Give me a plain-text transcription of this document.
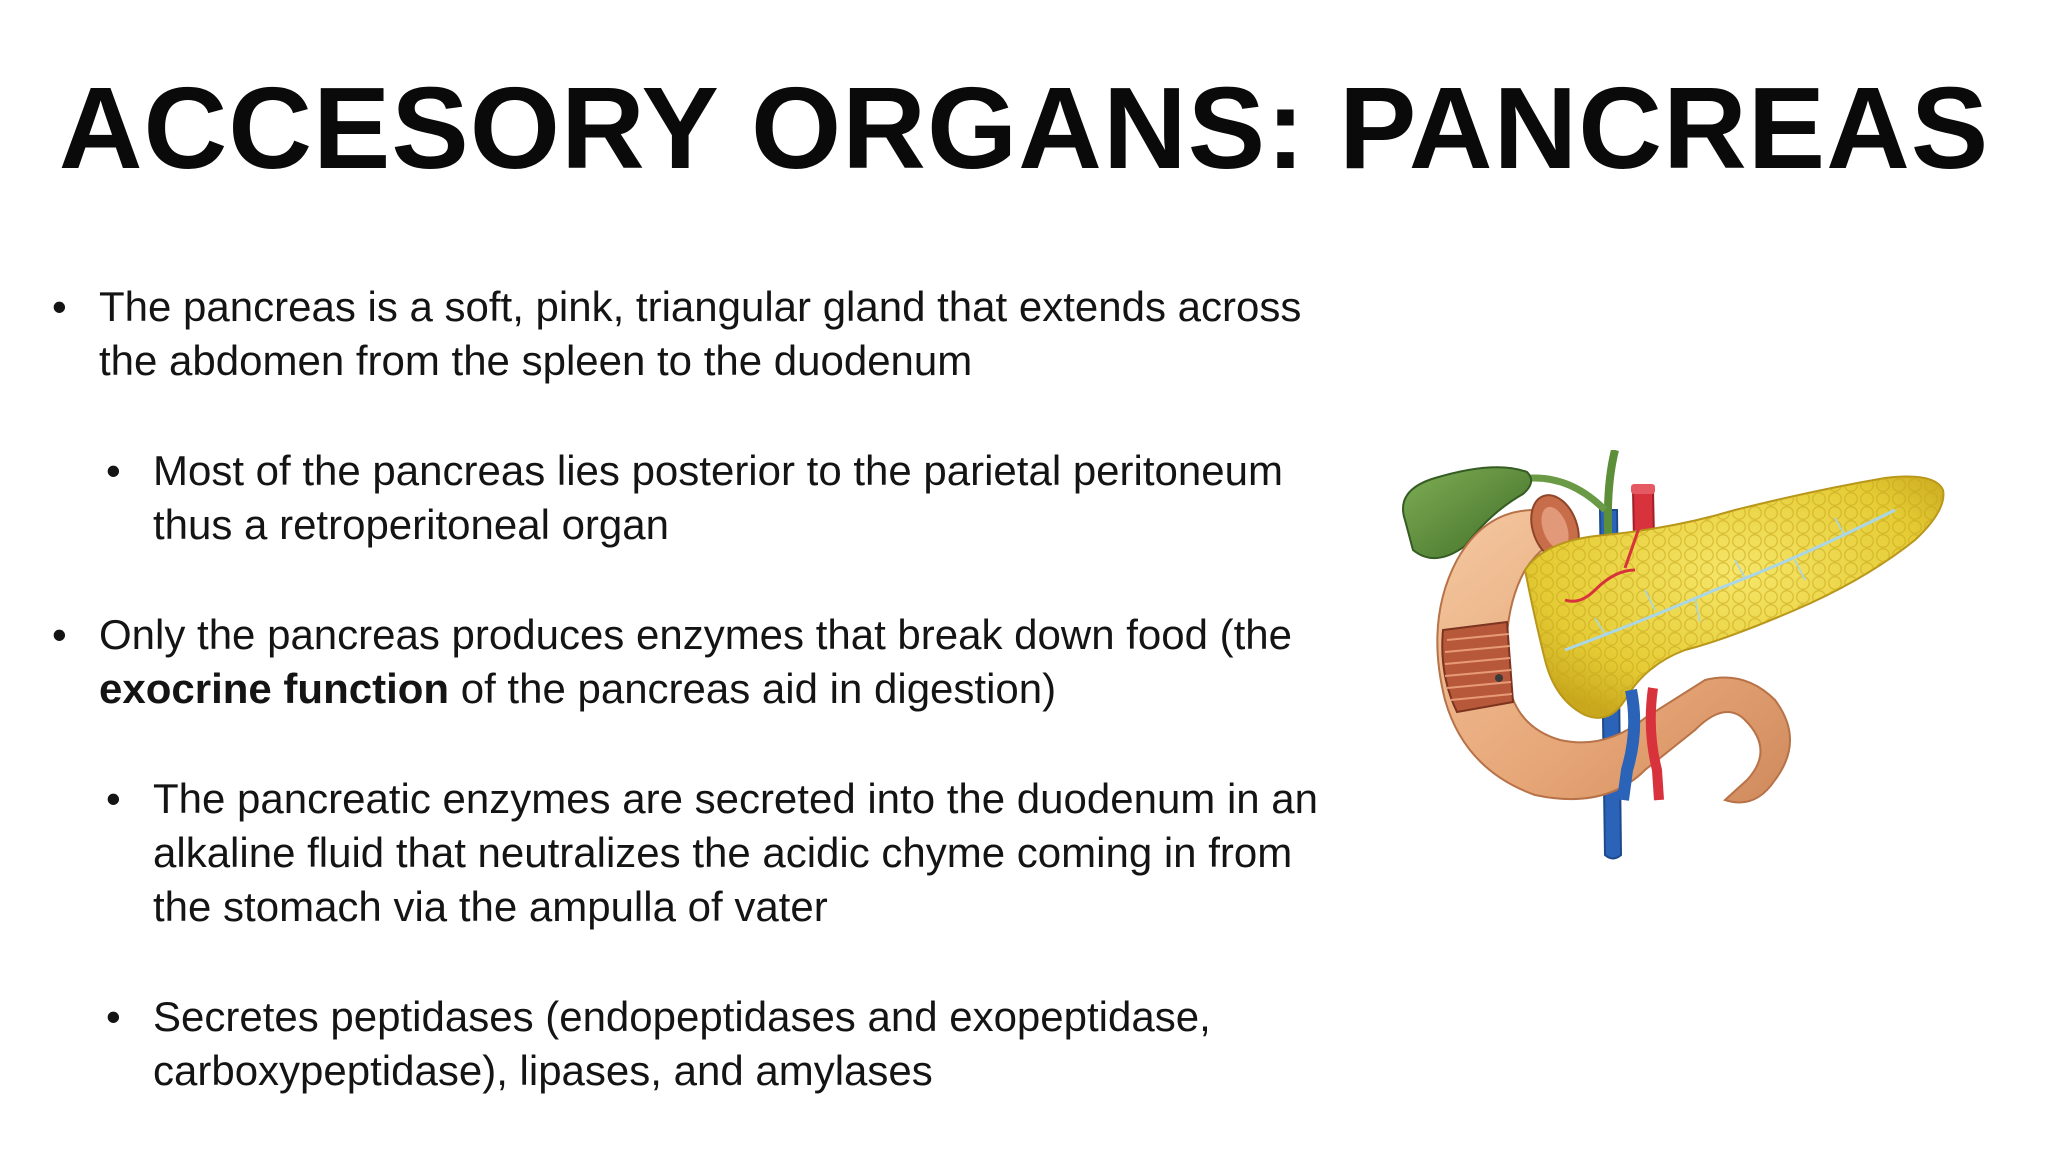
ACCESORY ORGANS: PANCREAS
• The pancreas is a soft, pink, triangular gland that extends across the abdomen from the spleen to the duodenum
• Most of the pancreas lies posterior to the parietal peritoneum thus a retroperitoneal organ
• Only the pancreas produces enzymes that break down food (the exocrine function of the pancreas aid in digestion)
• The pancreatic enzymes are secreted into the duodenum in an alkaline fluid that neutralizes the acidic chyme coming in from the stomach via the ampulla of vater
• Secretes peptidases (endopeptidases and exopeptidase, carboxypeptidase), lipases, and amylases
